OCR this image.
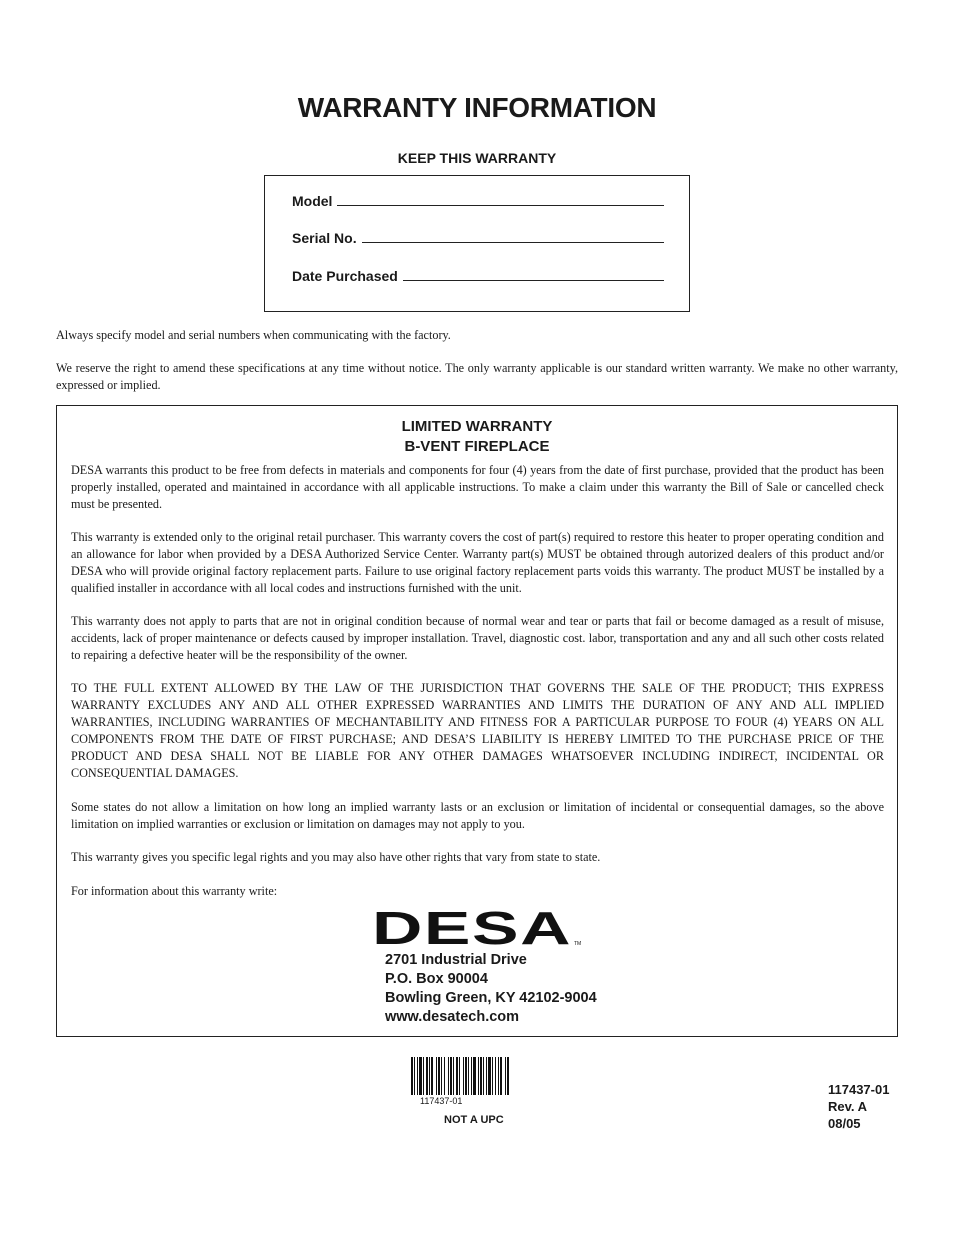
WARRANTY INFORMATION
KEEP THIS WARRANTY
Model
Serial No.
Date Purchased

Always specify model and serial numbers when communicating with the factory.

We reserve the right to amend these specifications at any time without notice. The only warranty applicable is our standard written warranty. We make no other warranty, expressed or implied.

LIMITED WARRANTY
B-VENT FIREPLACE

DESA warrants this product to be free from defects in materials and components for four (4) years from the date of first purchase, provided that the product has been properly installed, operated and maintained in accordance with all applicable instructions. To make a claim under this warranty the Bill of Sale or cancelled check must be presented.

This warranty is extended only to the original retail purchaser. This warranty covers the cost of part(s) required to restore this heater to proper operating condition and an allowance for labor when provided by a DESA Authorized Service Center. Warranty part(s) MUST be obtained through autorized dealers of this product and/or DESA who will provide original factory replacement parts. Failure to use original factory replacement parts voids this warranty. The product MUST be installed by a qualified installer in accordance with all local codes and instructions furnished with the unit.

This warranty does not apply to parts that are not in original condition because of normal wear and tear or parts that fail or become damaged as a result of misuse, accidents, lack of proper maintenance or defects caused by improper installation. Travel, diagnostic cost. labor, transportation and any and all such other costs related to repairing a defective heater will be the responsibility of the owner.

TO THE FULL EXTENT ALLOWED BY THE LAW OF THE JURISDICTION THAT GOVERNS THE SALE OF THE PRODUCT; THIS EXPRESS WARRANTY EXCLUDES ANY AND ALL OTHER EXPRESSED WARRANTIES AND LIMITS THE DURATION OF ANY AND ALL IMPLIED WARRANTIES, INCLUDING WARRANTIES OF MECHANTABILITY AND FITNESS FOR A PARTICULAR PURPOSE TO FOUR (4) YEARS ON ALL COMPONENTS FROM THE DATE OF FIRST PURCHASE; AND DESA’S LIABILITY IS HEREBY LIMITED TO THE PURCHASE PRICE OF THE PRODUCT AND DESA SHALL NOT BE LIABLE FOR ANY OTHER DAMAGES WHATSOEVER INCLUDING INDIRECT, INCIDENTAL OR CONSEQUENTIAL DAMAGES.

Some states do not allow a limitation on how long an implied warranty lasts or an exclusion or limitation of incidental or consequential damages, so the above limitation on implied warranties or exclusion or limitation on damages may not apply to you.

This warranty gives you specific legal rights and you may also have other rights that vary from state to state.

For information about this warranty write:

DESA TM
2701 Industrial Drive
P.O. Box 90004
Bowling Green, KY 42102-9004
www.desatech.com
117437-01
NOT A UPC
117437-01
Rev. A
08/05
